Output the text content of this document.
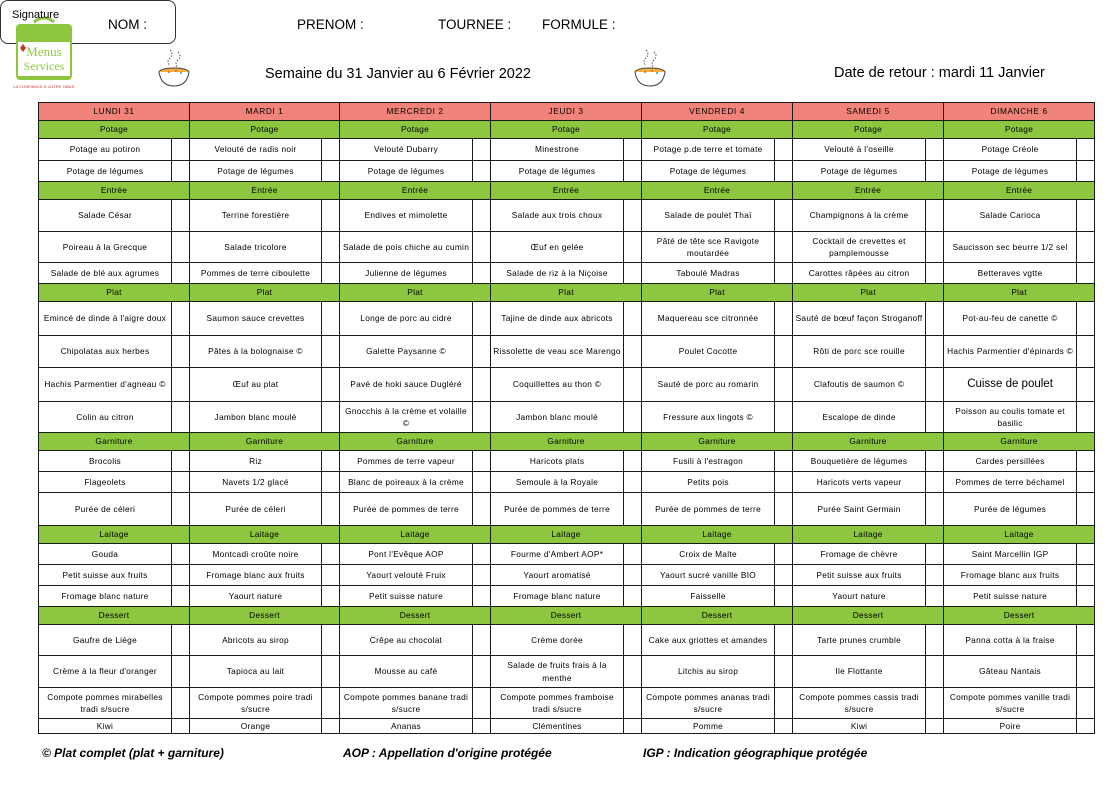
Menus
Services
LA CONFIANCE À VOTRE TABLE
NOM :	PRENOM :	TOURNEE : FORMULE :
Signature
Semaine du 31 Janvier au 6 Février 2022	Date de retour : mardi 11 Janvier
LUNDI 31		MARDI 1		MERCREDI 2		JEUDI 3		VENDREDI 4		SAMEDI 5		DIMANCHE 6	
Potage		Potage		Potage		Potage		Potage		Potage		Potage	
Potage au potiron		Velouté de radis noir		Velouté Dubarry		Minestrone		Potage p.de terre et tomate		Velouté à l'oseille		Potage Créole	
Potage de légumes		Potage de légumes		Potage de légumes		Potage de légumes		Potage de légumes		Potage de légumes		Potage de légumes	
Entrée		Entrée		Entrée		Entrée		Entrée		Entrée		Entrée	
Salade César		Terrine forestière		Endives et mimolette		Salade aux trois choux		Salade de poulet Thaï		Champignons à la crème		Salade Carioca	
Poireau à la Grecque		Salade tricolore		Salade de pois chiche au cumin		Œuf en gelée		Pâté de tête sce Ravigote moutardée		Cocktail de crevettes et pamplemousse		Saucisson sec beurre 1/2 sel	
Salade de blé aux agrumes		Pommes de terre ciboulette		Julienne de légumes		Salade de riz à la Niçoise		Taboulé Madras		Carottes râpées au citron		Betteraves vgtte	
Plat		Plat		Plat		Plat		Plat		Plat		Plat	
Emincé de dinde à l'aigre doux		Saumon sauce crevettes		Longe de porc au cidre		Tajine de dinde aux abricots		Maquereau sce citronnée		Sauté de bœuf façon Stroganoff		Pot-au-feu de canette ©	
Chipolatas aux herbes		Pâtes à la bolognaise ©		Galette Paysanne ©		Rissolette de veau sce Marengo		Poulet Cocotte		Rôti de porc sce rouille		Hachis Parmentier d'épinards ©	
Hachis Parmentier d'agneau ©		Œuf au plat		Pavé de hoki sauce Dugléré		Coquillettes au thon ©		Sauté de porc au romarin		Clafoutis de saumon ©		Cuisse de poulet	
Colin au citron		Jambon blanc moulé		Gnocchis à la crème et volaille ©		Jambon blanc moulé		Fressure aux lingots ©		Escalope de dinde		Poisson au coulis tomate et basilic	
Garniture		Garniture		Garniture		Garniture		Garniture		Garniture		Garniture	
Brocolis		Riz		Pommes de terre vapeur		Haricots plats		Fusili à l'estragon		Bouquetière de légumes		Cardes persillées	
Flageolets		Navets 1/2 glacé		Blanc de poireaux à la crème		Semoule à la Royale		Petits pois		Haricots verts vapeur		Pommes de terre béchamel	
Purée de céleri		Purée de céleri		Purée de pommes de terre		Purée de pommes de terre		Purée de pommes de terre		Purée Saint Germain		Purée de légumes	
Laitage		Laitage		Laitage		Laitage		Laitage		Laitage		Laitage	
Gouda		Montcadi croûte noire		Pont l'Evêque AOP		Fourme d'Ambert AOP*		Croix de Malte		Fromage de chèvre		Saint Marcellin IGP	
Petit suisse aux fruits		Fromage blanc aux fruits		Yaourt velouté Fruix		Yaourt aromatisé		Yaourt sucré vanille BIO		Petit suisse aux fruits		Fromage blanc aux fruits	
Fromage blanc nature		Yaourt nature		Petit suisse nature		Fromage blanc nature		Faisselle		Yaourt nature		Petit suisse nature	
Dessert		Dessert		Dessert		Dessert		Dessert		Dessert		Dessert	
Gaufre de Liège		Abricots au sirop		Crêpe au chocolat		Crème dorée		Cake aux griottes et amandes		Tarte prunes crumble		Panna cotta à la fraise	
Crème à la fleur d'oranger		Tapioca au lait		Mousse au café		Salade de fruits frais à la menthe		Litchis au sirop		Ile Flottante		Gâteau Nantais	
Compote pommes mirabelles tradi s/sucre		Compote pommes poire tradi s/sucre		Compote pommes banane tradi s/sucre		Compote pommes framboise tradi s/sucre		Compote pommes ananas tradi s/sucre		Compote pommes cassis tradi s/sucre		Compote pommes vanille tradi s/sucre	
Kiwi		Orange		Ananas		Clémentines		Pomme		Kiwi		Poire	
© Plat complet (plat + garniture)	AOP : Appellation d'origine protégée	IGP : Indication géographique protégée
